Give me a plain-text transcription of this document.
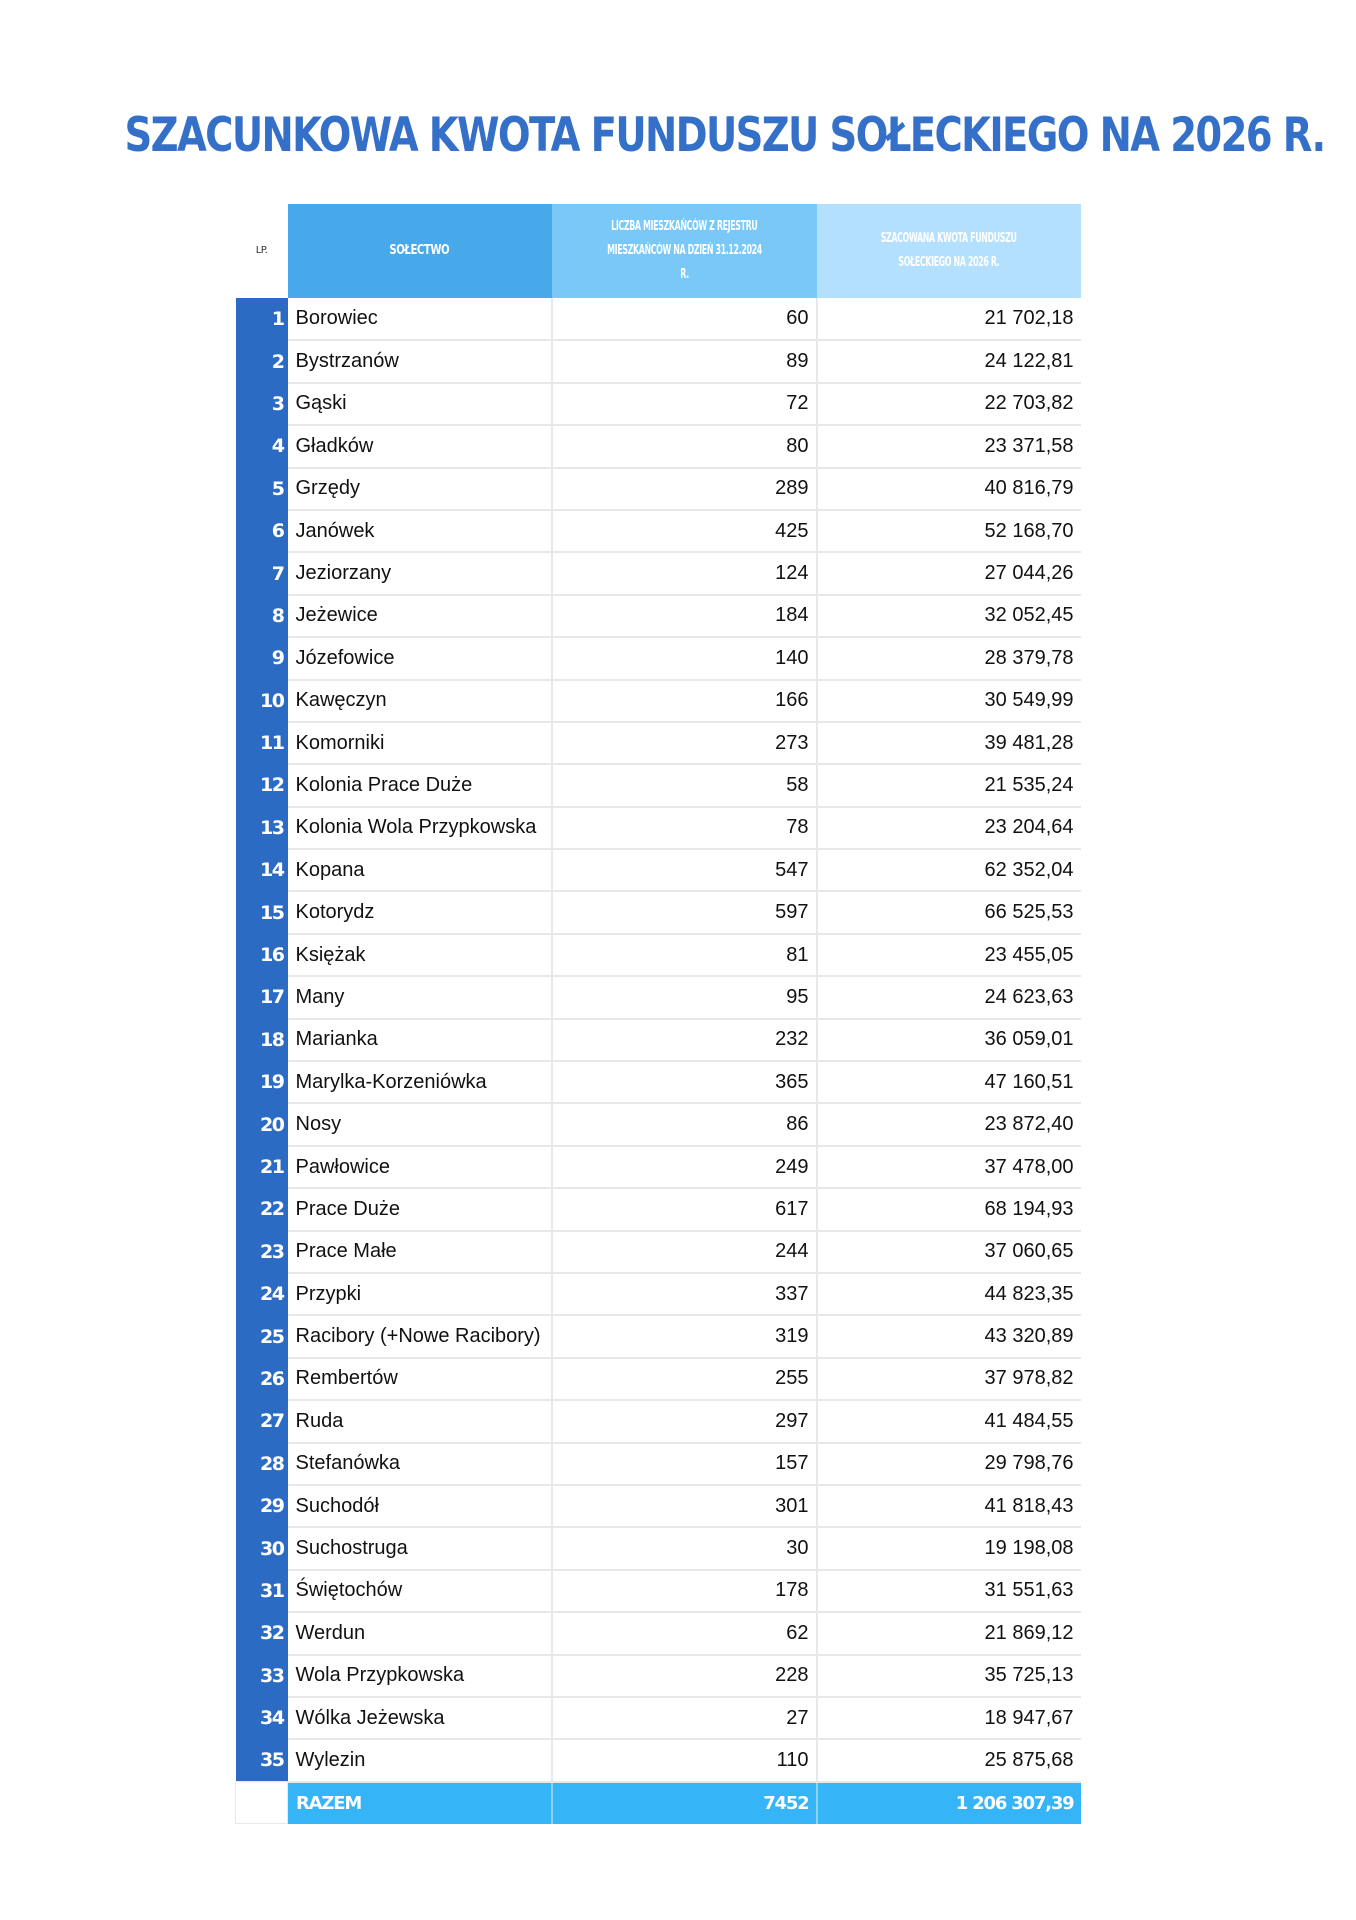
SZACUNKOWA KWOTA FUNDUSZU SOŁECKIEGO NA 2026 R.
LP.	SOŁECTWO	LICZBA MIESZKAŃCÓW Z REJESTRU
MIESZKAŃCÓW NA DZIEŃ 31.12.2024 R.	SZACOWANA KWOTA FUNDUSZU
SOŁECKIEGO NA 2026 R.
1	Borowiec	60	21 702,18
2	Bystrzanów	89	24 122,81
3	Gąski	72	22 703,82
4	Gładków	80	23 371,58
5	Grzędy	289	40 816,79
6	Janówek	425	52 168,70
7	Jeziorzany	124	27 044,26
8	Jeżewice	184	32 052,45
9	Józefowice	140	28 379,78
10	Kawęczyn	166	30 549,99
11	Komorniki	273	39 481,28
12	Kolonia Prace Duże	58	21 535,24
13	Kolonia Wola Przypkowska	78	23 204,64
14	Kopana	547	62 352,04
15	Kotorydz	597	66 525,53
16	Księżak	81	23 455,05
17	Many	95	24 623,63
18	Marianka	232	36 059,01
19	Marylka-Korzeniówka	365	47 160,51
20	Nosy	86	23 872,40
21	Pawłowice	249	37 478,00
22	Prace Duże	617	68 194,93
23	Prace Małe	244	37 060,65
24	Przypki	337	44 823,35
25	Racibory (+Nowe Racibory)	319	43 320,89
26	Rembertów	255	37 978,82
27	Ruda	297	41 484,55
28	Stefanówka	157	29 798,76
29	Suchodół	301	41 818,43
30	Suchostruga	30	19 198,08
31	Świętochów	178	31 551,63
32	Werdun	62	21 869,12
33	Wola Przypkowska	228	35 725,13
34	Wólka Jeżewska	27	18 947,67
35	Wylezin	110	25 875,68
	RAZEM	7452	1 206 307,39
